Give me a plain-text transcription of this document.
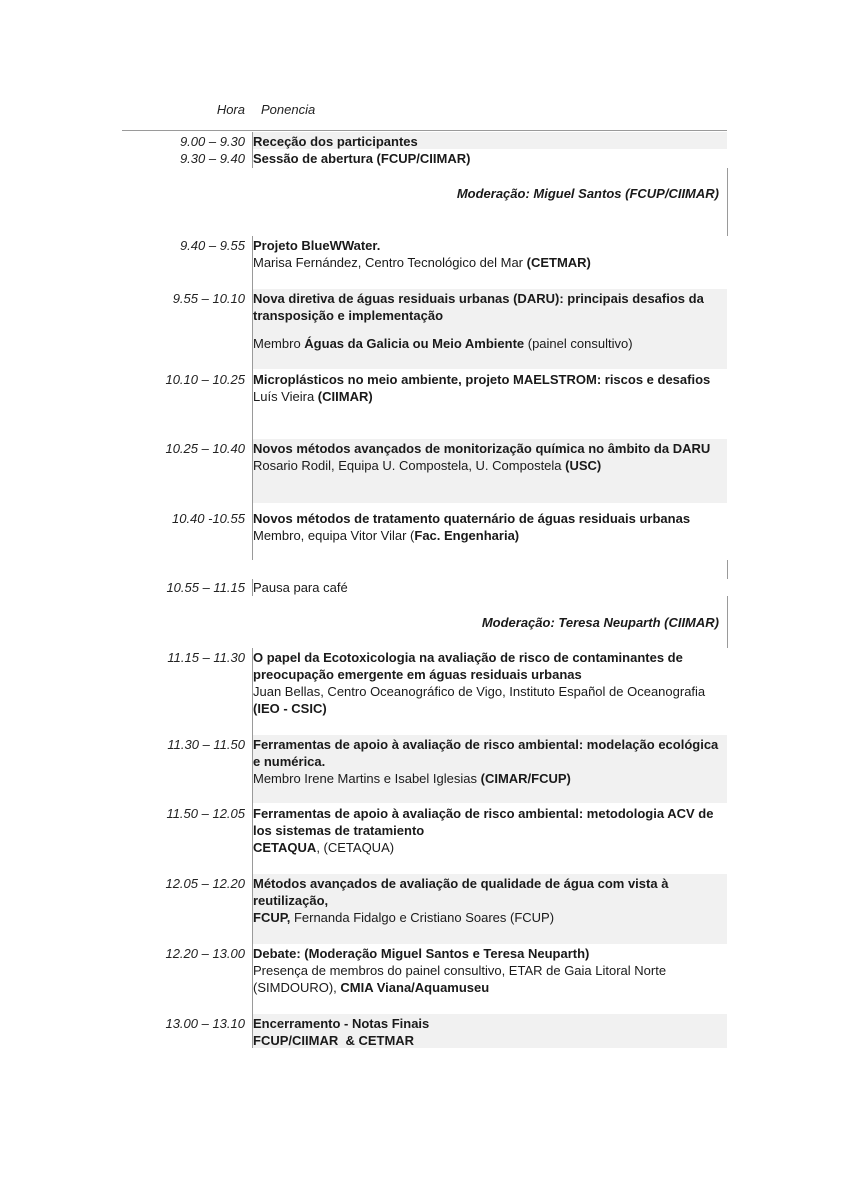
Hora Ponencia
9.00 – 9.30 Receção dos participantes
9.30 – 9.40 Sessão de abertura (FCUP/CIIMAR)
Moderação: Miguel Santos (FCUP/CIIMAR)
9.40 – 9.55 Projeto BlueWWater.
Marisa Fernández, Centro Tecnológico del Mar (CETMAR)
9.55 – 10.10 Nova diretiva de águas residuais urbanas (DARU): principais desafios da transposição e implementação
Membro Águas da Galicia ou Meio Ambiente (painel consultivo)
10.10 – 10.25 Microplásticos no meio ambiente, projeto MAELSTROM: riscos e desafios
Luís Vieira (CIIMAR)
10.25 – 10.40 Novos métodos avançados de monitorização química no âmbito da DARU
Rosario Rodil, Equipa U. Compostela, U. Compostela (USC)
10.40 -10.55 Novos métodos de tratamento quaternário de águas residuais urbanas
Membro, equipa Vitor Vilar (Fac. Engenharia)
10.55 – 11.15 Pausa para café
Moderação: Teresa Neuparth (CIIMAR)
11.15 – 11.30 O papel da Ecotoxicologia na avaliação de risco de contaminantes de preocupação emergente em águas residuais urbanas
Juan Bellas, Centro Oceanográfico de Vigo, Instituto Español de Oceanografia (IEO - CSIC)
11.30 – 11.50 Ferramentas de apoio à avaliação de risco ambiental: modelação ecológica e numérica.
Membro Irene Martins e Isabel Iglesias (CIMAR/FCUP)
11.50 – 12.05 Ferramentas de apoio à avaliação de risco ambiental: metodologia ACV de los sistemas de tratamiento
CETAQUA, (CETAQUA)
12.05 – 12.20 Métodos avançados de avaliação de qualidade de água com vista à reutilização,
FCUP, Fernanda Fidalgo e Cristiano Soares (FCUP)
12.20 – 13.00 Debate: (Moderação Miguel Santos e Teresa Neuparth)
Presença de membros do painel consultivo, ETAR de Gaia Litoral Norte (SIMDOURO), CMIA Viana/Aquamuseu
13.00 – 13.10 Encerramento - Notas Finais
FCUP/CIIMAR  & CETMAR
